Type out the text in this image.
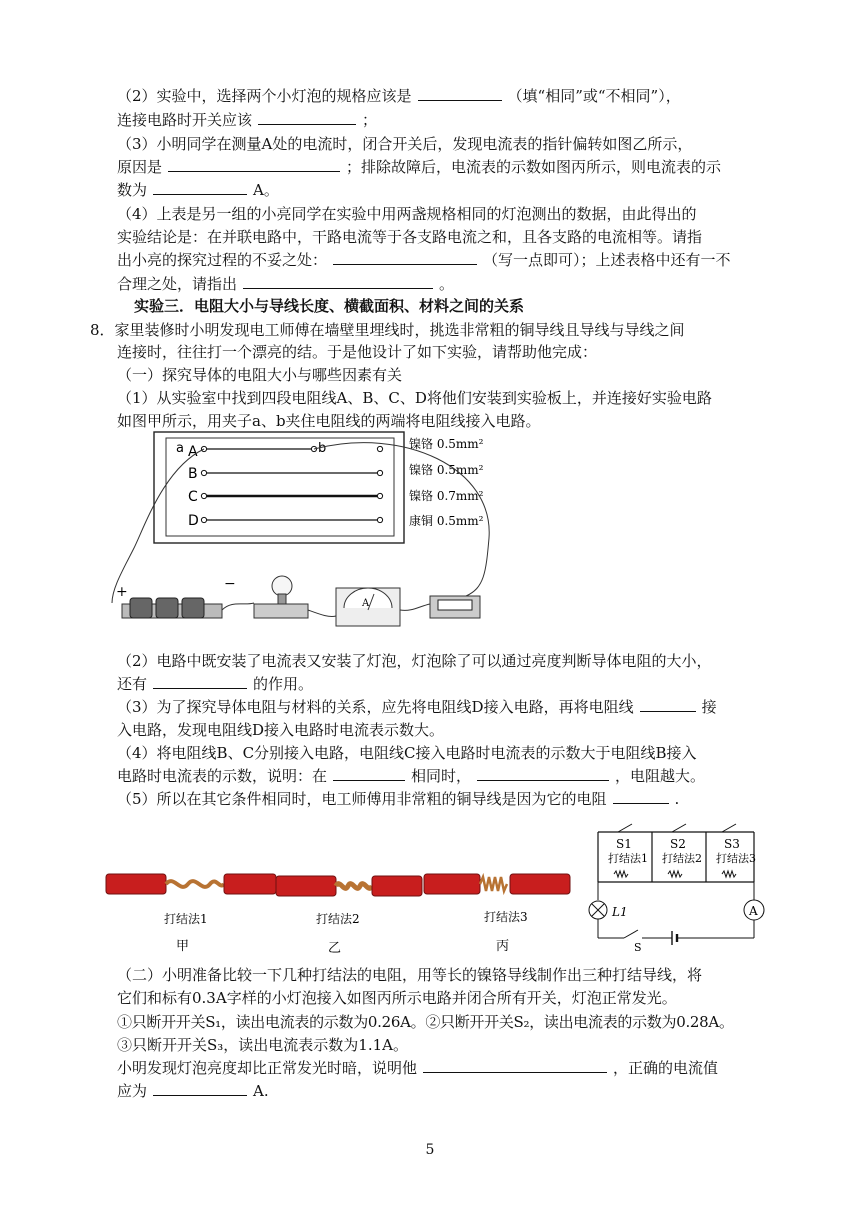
（2）实验中，选择两个小灯泡的规格应该是	（填“相同”或“不相同”），
连接电路时开关应该	；
（3）小明同学在测量A处的电流时，闭合开关后，发现电流表的指针偏转如图乙所示，
原因是	；排除故障后，电流表的示数如图丙所示，则电流表的示
数为	A。
（4）上表是另一组的小亮同学在实验中用两盏规格相同的灯泡测出的数据，由此得出的
实验结论是：在并联电路中，干路电流等于各支路电流之和，且各支路的电流相等。请指
出小亮的探究过程的不妥之处：	（写一点即可）；上述表格中还有一不
合理之处，请指出	。
实验三．电阻大小与导线长度、横截面积、材料之间的关系
8．家里装修时小明发现电工师傅在墙壁里埋线时，挑选非常粗的铜导线且导线与导线之间
连接时，往往打一个漂亮的结。于是他设计了如下实验，请帮助他完成：
（一）探究导体的电阻大小与哪些因素有关
（1）从实验室中找到四段电阻线A、B、C、D将他们安装到实验板上，并连接好实验电路
如图甲所示，用夹子a、b夹住电阻线的两端将电阻线接入电路。
a A
B
C
D
b	镍铬 0.5mm²
镍铬 0.5mm²
镍铬 0.7mm²
康铜 0.5mm²
+	−
A
（2）电路中既安装了电流表又安装了灯泡，灯泡除了可以通过亮度判断导体电阻的大小，
还有	的作用。
（3）为了探究导体电阻与材料的关系，应先将电阻线D接入电路，再将电阻线	接
入电路，发现电阻线D接入电路时电流表示数大。
（4）将电阻线B、C分别接入电路，电阻线C接入电路时电流表的示数大于电阻线B接入
电路时电流表的示数，说明：在	相同时，	，电阻越大。
（5）所以在其它条件相同时，电工师傅用非常粗的铜导线是因为它的电阻	.
打结法1
甲
打结法2
乙
打结法3
丙
S1	S2	S3
打结法1 打结法2 打结法3
L1
S
A
（二）小明准备比较一下几种打结法的电阻，用等长的镍铬导线制作出三种打结导线，将
它们和标有0.3A字样的小灯泡接入如图丙所示电路并闭合所有开关，灯泡正常发光。
①只断开开关S₁，读出电流表的示数为0.26A。②只断开开关S₂，读出电流表的示数为0.28A。
③只断开开关S₃，读出电流表示数为1.1A。
小明发现灯泡亮度却比正常发光时暗，说明他	，正确的电流值
应为	A.
5
